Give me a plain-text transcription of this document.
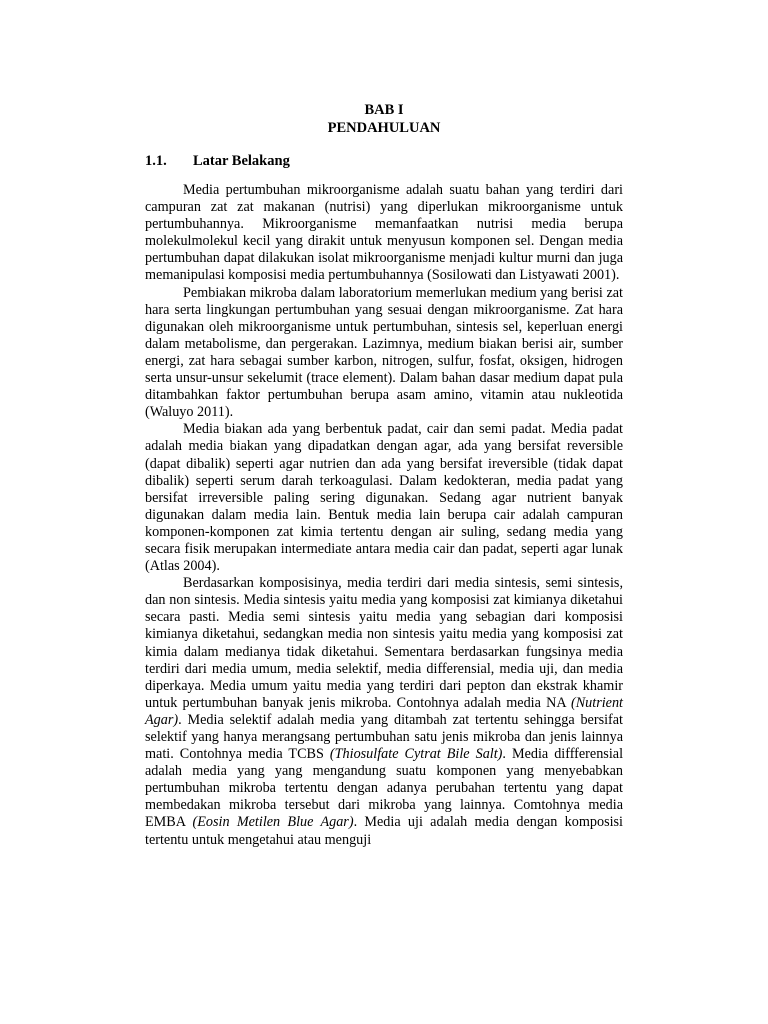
BAB I
PENDAHULUAN
1.1. Latar Belakang

Media pertumbuhan mikroorganisme adalah suatu bahan yang terdiri dari campuran zat zat makanan (nutrisi) yang diperlukan mikroorganisme untuk pertumbuhannya. Mikroorganisme memanfaatkan nutrisi media berupa molekulmolekul kecil yang dirakit untuk menyusun komponen sel. Dengan media pertumbuhan dapat dilakukan isolat mikroorganisme menjadi kultur murni dan juga memanipulasi komposisi media pertumbuhannya (Sosilowati dan Listyawati 2001).

Pembiakan mikroba dalam laboratorium memerlukan medium yang berisi zat hara serta lingkungan pertumbuhan yang sesuai dengan mikroorganisme. Zat hara digunakan oleh mikroorganisme untuk pertumbuhan, sintesis sel, keperluan energi dalam metabolisme, dan pergerakan. Lazimnya, medium biakan berisi air, sumber energi, zat hara sebagai sumber karbon, nitrogen, sulfur, fosfat, oksigen, hidrogen serta unsur-unsur sekelumit (trace element). Dalam bahan dasar medium dapat pula ditambahkan faktor pertumbuhan berupa asam amino, vitamin atau nukleotida (Waluyo 2011).

Media biakan ada yang berbentuk padat, cair dan semi padat. Media padat adalah media biakan yang dipadatkan dengan agar, ada yang bersifat reversible (dapat dibalik) seperti agar nutrien dan ada yang bersifat ireversible (tidak dapat dibalik) seperti serum darah terkoagulasi. Dalam kedokteran, media padat yang bersifat irreversible paling sering digunakan. Sedang agar nutrient banyak digunakan dalam media lain. Bentuk media lain berupa cair adalah campuran komponen-komponen zat kimia tertentu dengan air suling, sedang media yang secara fisik merupakan intermediate antara media cair dan padat, seperti agar lunak (Atlas 2004).

Berdasarkan komposisinya, media terdiri dari media sintesis, semi sintesis, dan non sintesis. Media sintesis yaitu media yang komposisi zat kimianya diketahui secara pasti. Media semi sintesis yaitu media yang sebagian dari komposisi kimianya diketahui, sedangkan media non sintesis yaitu media yang komposisi zat kimia dalam medianya tidak diketahui. Sementara berdasarkan fungsinya media terdiri dari media umum, media selektif, media differensial, media uji, dan media diperkaya. Media umum yaitu media yang terdiri dari pepton dan ekstrak khamir untuk pertumbuhan banyak jenis mikroba. Contohnya adalah media NA (Nutrient Agar). Media selektif adalah media yang ditambah zat tertentu sehingga bersifat selektif yang hanya merangsang pertumbuhan satu jenis mikroba dan jenis lainnya mati. Contohnya media TCBS (Thiosulfate Cytrat Bile Salt). Media diffferensial adalah media yang yang mengandung suatu komponen yang menyebabkan pertumbuhan mikroba tertentu dengan adanya perubahan tertentu yang dapat membedakan mikroba tersebut dari mikroba yang lainnya. Comtohnya media EMBA (Eosin Metilen Blue Agar). Media uji adalah media dengan komposisi tertentu untuk mengetahui atau menguji
